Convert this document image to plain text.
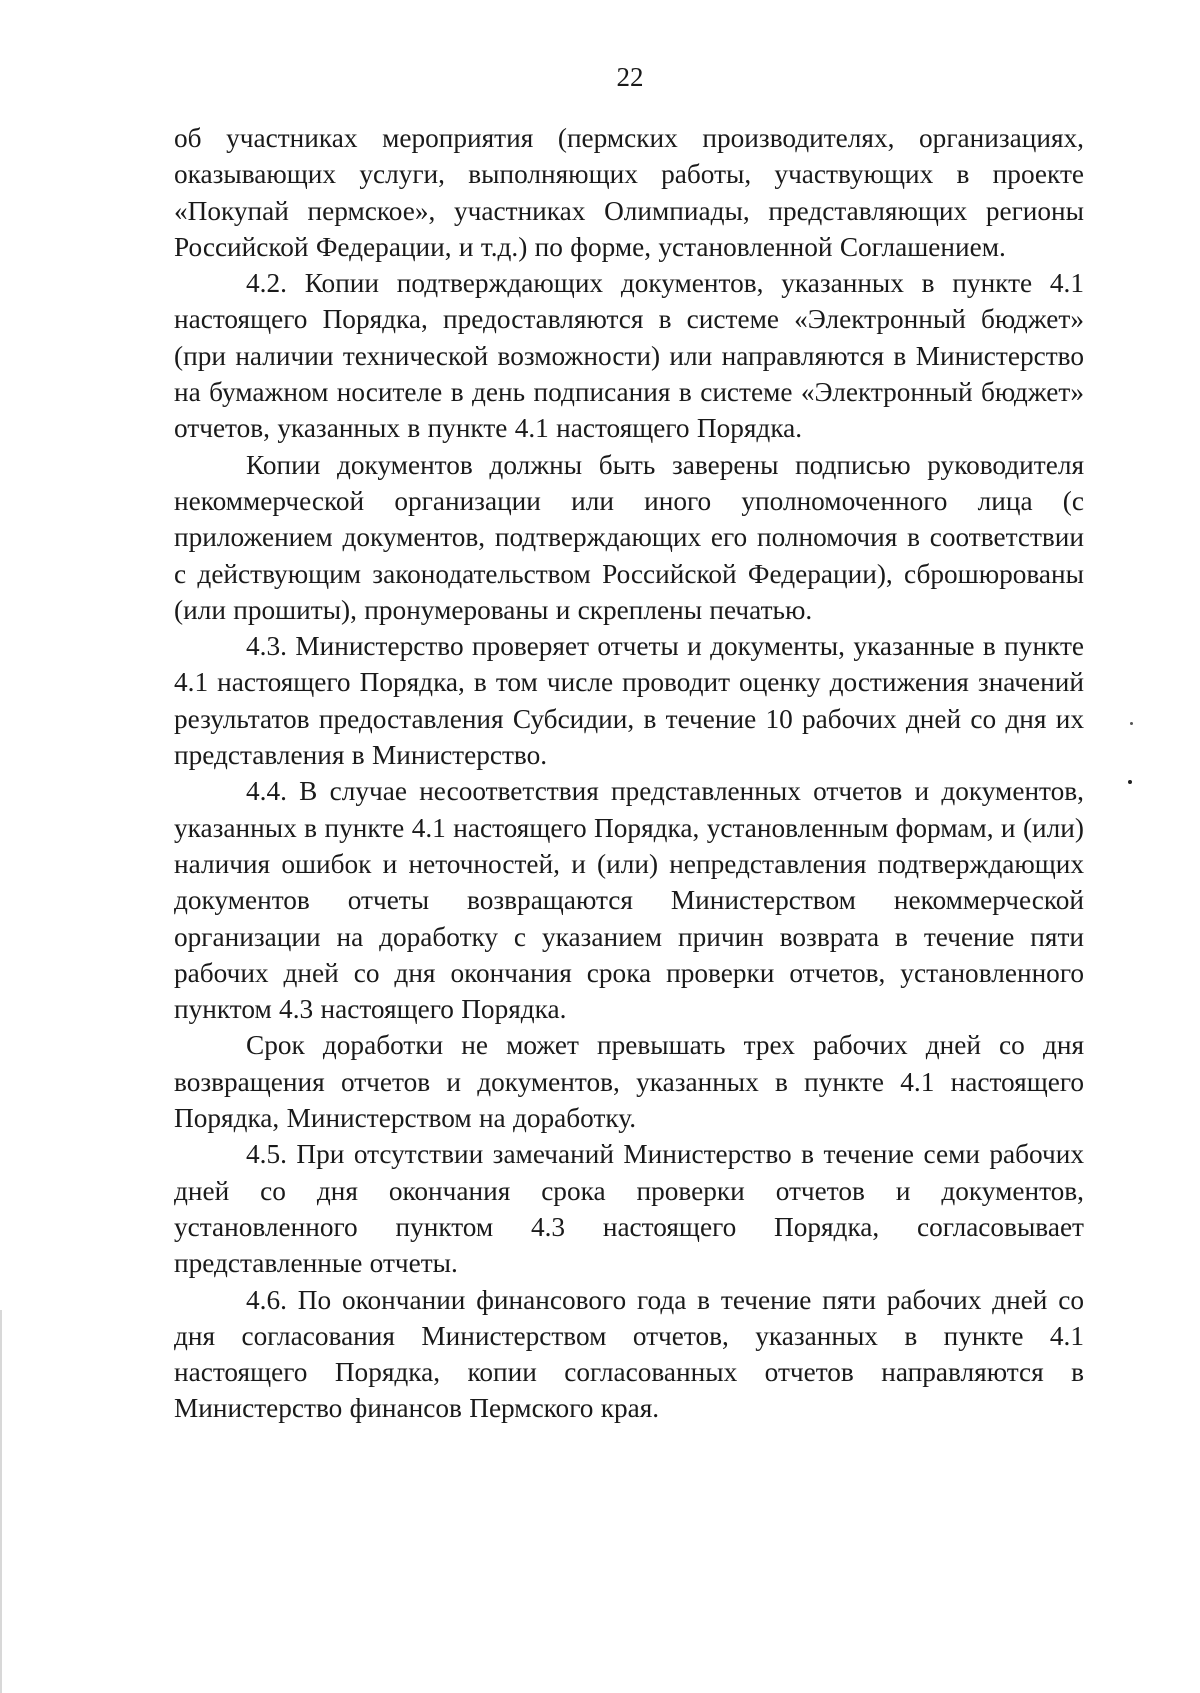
22

об участниках мероприятия (пермских производителях, организациях, оказывающих услуги, выполняющих работы, участвующих в проекте «Покупай пермское», участниках Олимпиады, представляющих регионы Российской Федерации, и т.д.) по форме, установленной Соглашением.

4.2. Копии подтверждающих документов, указанных в пункте 4.1 настоящего Порядка, предоставляются в системе «Электронный бюджет» (при наличии технической возможности) или направляются в Министерство на бумажном носителе в день подписания в системе «Электронный бюджет» отчетов, указанных в пункте 4.1 настоящего Порядка.

Копии документов должны быть заверены подписью руководителя некоммерческой организации или иного уполномоченного лица (с приложением документов, подтверждающих его полномочия в соответствии с действующим законодательством Российской Федерации), сброшюрованы (или прошиты), пронумерованы и скреплены печатью.

4.3. Министерство проверяет отчеты и документы, указанные в пункте 4.1 настоящего Порядка, в том числе проводит оценку достижения значений результатов предоставления Субсидии, в течение 10 рабочих дней со дня их представления в Министерство.

4.4. В случае несоответствия представленных отчетов и документов, указанных в пункте 4.1 настоящего Порядка, установленным формам, и (или) наличия ошибок и неточностей, и (или) непредставления подтверждающих документов отчеты возвращаются Министерством некоммерческой организации на доработку с указанием причин возврата в течение пяти рабочих дней со дня окончания срока проверки отчетов, установленного пунктом 4.3 настоящего Порядка.

Срок доработки не может превышать трех рабочих дней со дня возвращения отчетов и документов, указанных в пункте 4.1 настоящего Порядка, Министерством на доработку.

4.5. При отсутствии замечаний Министерство в течение семи рабочих дней со дня окончания срока проверки отчетов и документов, установленного пунктом 4.3 настоящего Порядка, согласовывает представленные отчеты.

4.6. По окончании финансового года в течение пяти рабочих дней со дня согласования Министерством отчетов, указанных в пункте 4.1 настоящего Порядка, копии согласованных отчетов направляются в Министерство финансов Пермского края.
